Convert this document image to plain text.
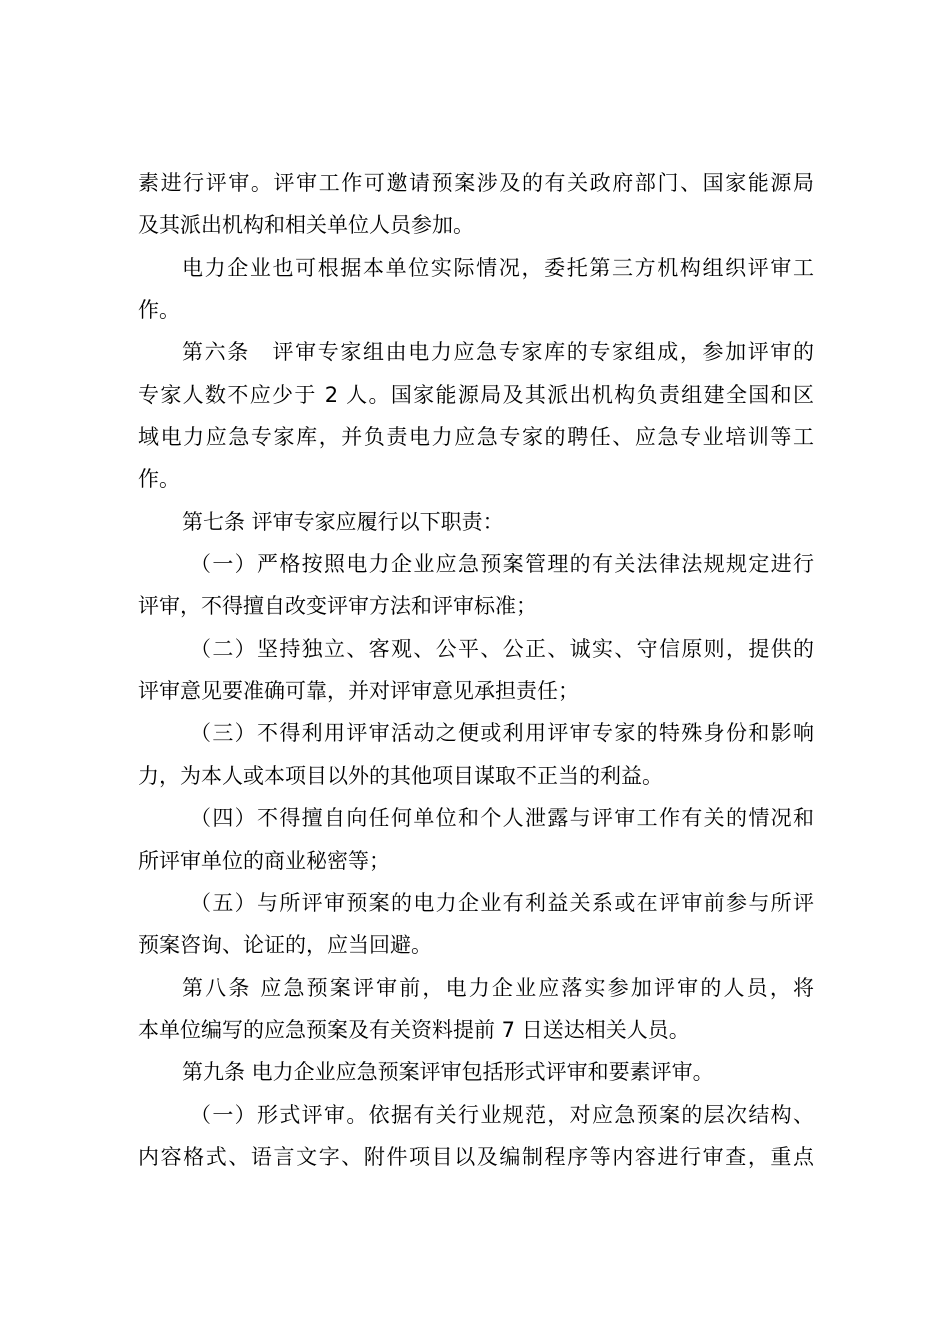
素进行评审。评审工作可邀请预案涉及的有关政府部门、国家能源局
及其派出机构和相关单位人员参加。
电力企业也可根据本单位实际情况，委托第三方机构组织评审工
作。
第六条　评审专家组由电力应急专家库的专家组成，参加评审的
专家人数不应少于 2 人。国家能源局及其派出机构负责组建全国和区
域电力应急专家库，并负责电力应急专家的聘任、应急专业培训等工
作。
第七条 评审专家应履行以下职责：
（一）严格按照电力企业应急预案管理的有关法律法规规定进行
评审，不得擅自改变评审方法和评审标准；
（二）坚持独立、客观、公平、公正、诚实、守信原则，提供的
评审意见要准确可靠，并对评审意见承担责任；
（三）不得利用评审活动之便或利用评审专家的特殊身份和影响
力，为本人或本项目以外的其他项目谋取不正当的利益。
（四）不得擅自向任何单位和个人泄露与评审工作有关的情况和
所评审单位的商业秘密等；
（五）与所评审预案的电力企业有利益关系或在评审前参与所评
预案咨询、论证的，应当回避。
第八条 应急预案评审前，电力企业应落实参加评审的人员，将
本单位编写的应急预案及有关资料提前 7 日送达相关人员。
第九条 电力企业应急预案评审包括形式评审和要素评审。
（一）形式评审。依据有关行业规范，对应急预案的层次结构、
内容格式、语言文字、附件项目以及编制程序等内容进行审查，重点
